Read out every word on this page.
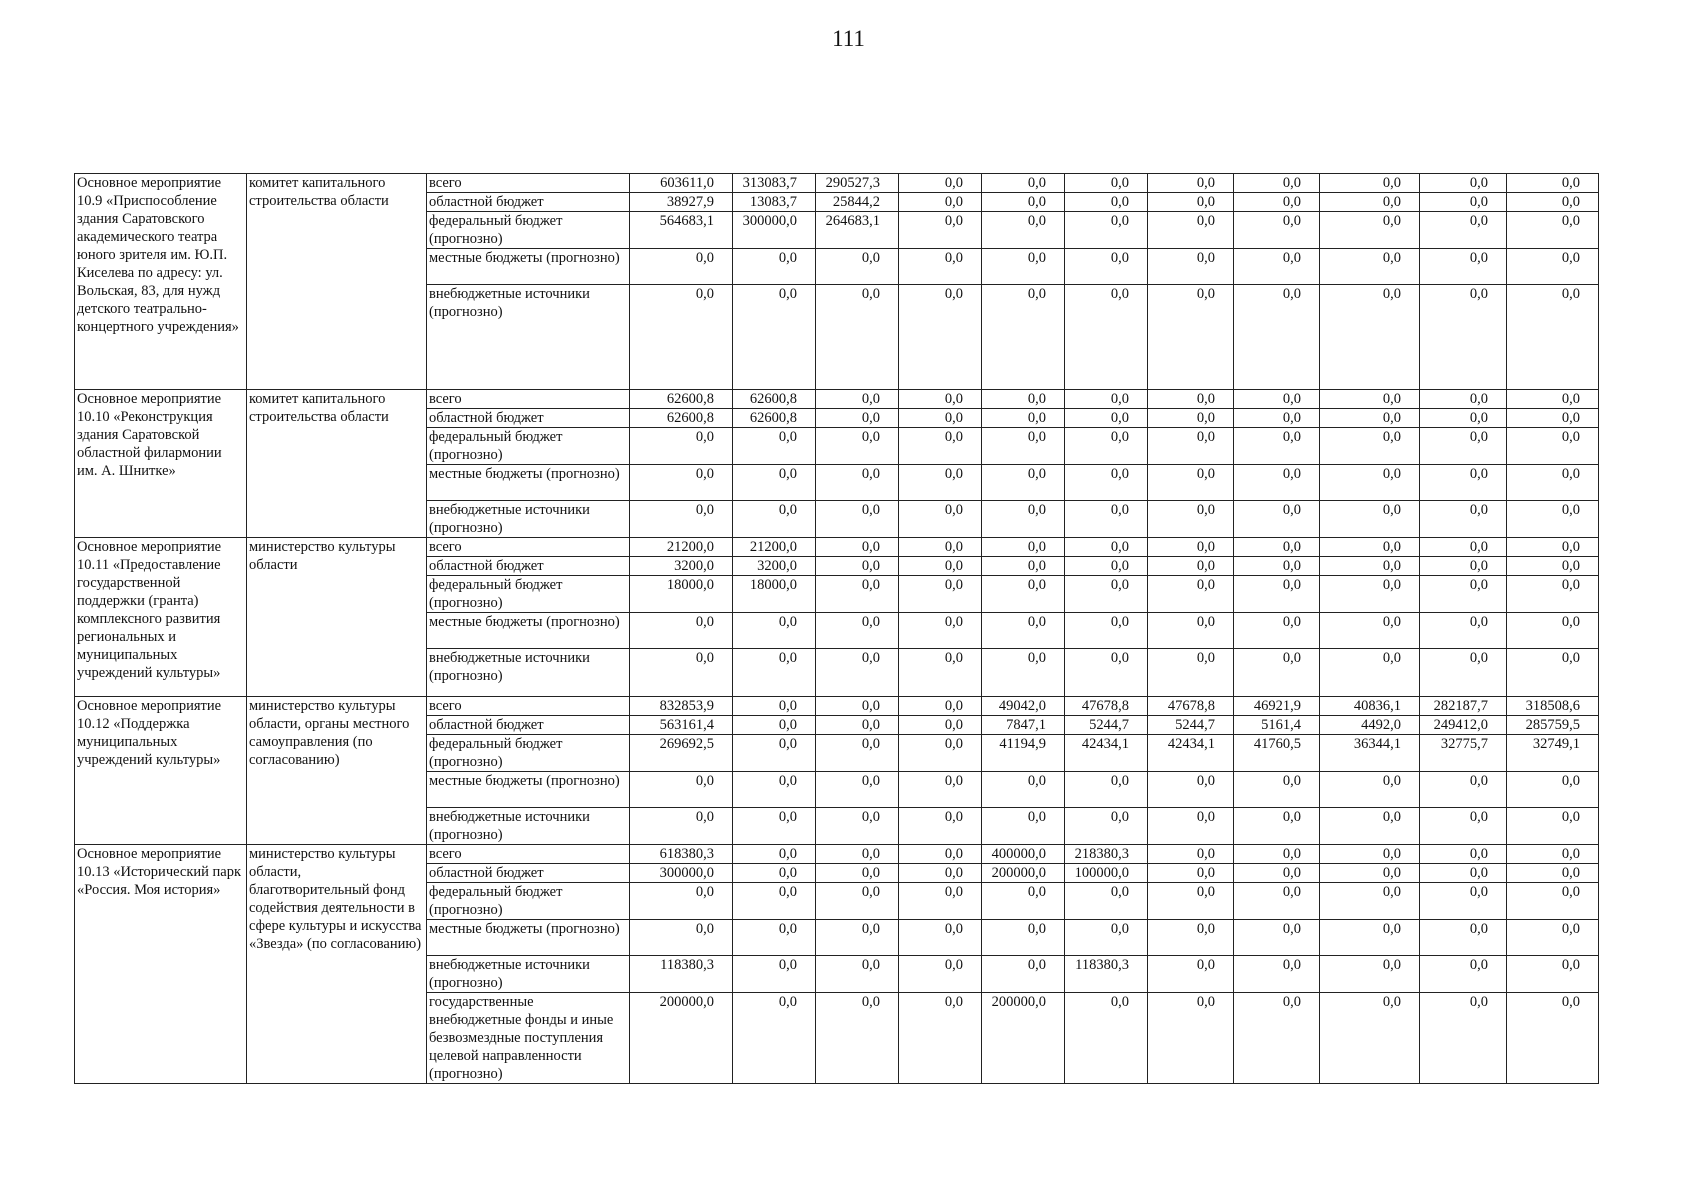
111
Основное мероприятие 10.9 «Приспособление здания Саратовского академического театра юного зрителя им. Ю.П. Киселева по адресу: ул. Вольская, 83, для нужд детского театрально-концертного учреждения»	комитет капитального строительства области	всего	603611,0	313083,7	290527,3	0,0	0,0	0,0	0,0	0,0	0,0	0,0	0,0
		областной бюджет	38927,9	13083,7	25844,2	0,0	0,0	0,0	0,0	0,0	0,0	0,0	0,0
		федеральный бюджет (прогнозно)	564683,1	300000,0	264683,1	0,0	0,0	0,0	0,0	0,0	0,0	0,0	0,0
		местные бюджеты (прогнозно)	0,0	0,0	0,0	0,0	0,0	0,0	0,0	0,0	0,0	0,0	0,0
		внебюджетные источники (прогнозно)	0,0	0,0	0,0	0,0	0,0	0,0	0,0	0,0	0,0	0,0	0,0
Основное мероприятие 10.10 «Реконструкция здания Саратовской областной филармонии им. А. Шнитке»	комитет капитального строительства области	всего	62600,8	62600,8	0,0	0,0	0,0	0,0	0,0	0,0	0,0	0,0	0,0
		областной бюджет	62600,8	62600,8	0,0	0,0	0,0	0,0	0,0	0,0	0,0	0,0	0,0
		федеральный бюджет (прогнозно)	0,0	0,0	0,0	0,0	0,0	0,0	0,0	0,0	0,0	0,0	0,0
		местные бюджеты (прогнозно)	0,0	0,0	0,0	0,0	0,0	0,0	0,0	0,0	0,0	0,0	0,0
		внебюджетные источники (прогнозно)	0,0	0,0	0,0	0,0	0,0	0,0	0,0	0,0	0,0	0,0	0,0
Основное мероприятие 10.11 «Предоставление государственной поддержки (гранта) комплексного развития региональных и муниципальных учреждений культуры»	министерство культуры области	всего	21200,0	21200,0	0,0	0,0	0,0	0,0	0,0	0,0	0,0	0,0	0,0
		областной бюджет	3200,0	3200,0	0,0	0,0	0,0	0,0	0,0	0,0	0,0	0,0	0,0
		федеральный бюджет (прогнозно)	18000,0	18000,0	0,0	0,0	0,0	0,0	0,0	0,0	0,0	0,0	0,0
		местные бюджеты (прогнозно)	0,0	0,0	0,0	0,0	0,0	0,0	0,0	0,0	0,0	0,0	0,0
		внебюджетные источники (прогнозно)	0,0	0,0	0,0	0,0	0,0	0,0	0,0	0,0	0,0	0,0	0,0
Основное мероприятие 10.12 «Поддержка муниципальных учреждений культуры»	министерство культуры области, органы местного самоуправления (по согласованию)	всего	832853,9	0,0	0,0	0,0	49042,0	47678,8	47678,8	46921,9	40836,1	282187,7	318508,6
		областной бюджет	563161,4	0,0	0,0	0,0	7847,1	5244,7	5244,7	5161,4	4492,0	249412,0	285759,5
		федеральный бюджет (прогнозно)	269692,5	0,0	0,0	0,0	41194,9	42434,1	42434,1	41760,5	36344,1	32775,7	32749,1
		местные бюджеты (прогнозно)	0,0	0,0	0,0	0,0	0,0	0,0	0,0	0,0	0,0	0,0	0,0
		внебюджетные источники (прогнозно)	0,0	0,0	0,0	0,0	0,0	0,0	0,0	0,0	0,0	0,0	0,0
Основное мероприятие 10.13 «Исторический парк «Россия. Моя история»	министерство культуры области, благотворительный фонд содействия деятельности в сфере культуры и искусства «Звезда» (по согласованию)	всего	618380,3	0,0	0,0	0,0	400000,0	218380,3	0,0	0,0	0,0	0,0	0,0
		областной бюджет	300000,0	0,0	0,0	0,0	200000,0	100000,0	0,0	0,0	0,0	0,0	0,0
		федеральный бюджет (прогнозно)	0,0	0,0	0,0	0,0	0,0	0,0	0,0	0,0	0,0	0,0	0,0
		местные бюджеты (прогнозно)	0,0	0,0	0,0	0,0	0,0	0,0	0,0	0,0	0,0	0,0	0,0
		внебюджетные источники (прогнозно)	118380,3	0,0	0,0	0,0	0,0	118380,3	0,0	0,0	0,0	0,0	0,0
		государственные внебюджетные фонды и иные безвозмездные поступления целевой направленности (прогнозно)	200000,0	0,0	0,0	0,0	200000,0	0,0	0,0	0,0	0,0	0,0	0,0
